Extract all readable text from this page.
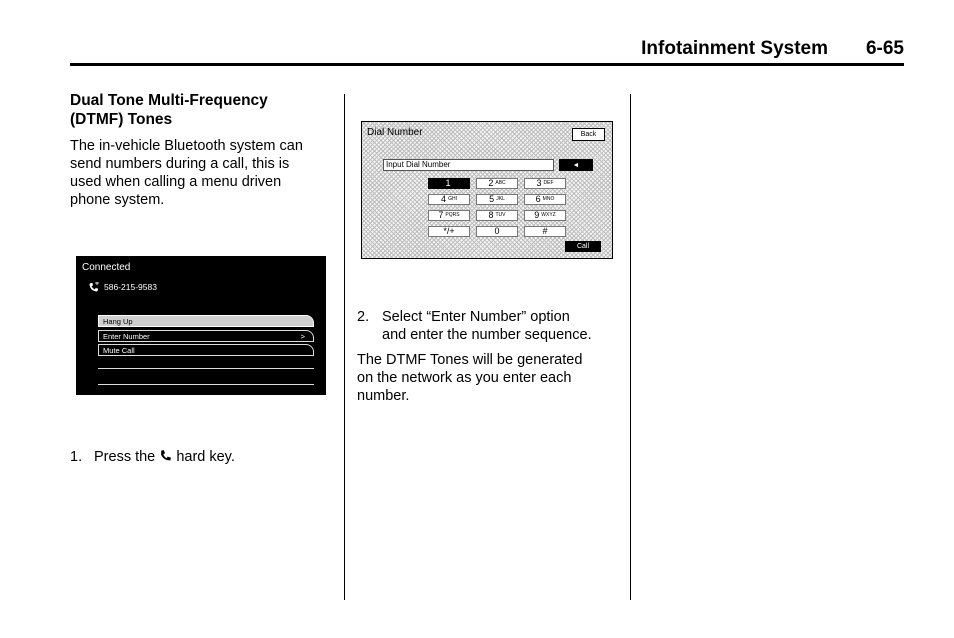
Infotainment System 6-65
Dual Tone Multi-Frequency
(DTMF) Tones
The in-vehicle Bluetooth system can
send numbers during a call, this is
used when calling a menu driven
phone system.
Connected
586-215-9583
Hang Up
Enter Number	>
Mute Call
1. Press the hard key.
Dial Number	Back
Input Dial Number	◄
1	2 ABC	3 DEF
4 GHI	5 JKL	6 MNO
7 PQRS	8 TUV	9 WXYZ
*/+	0	#
Call
2. Select “Enter Number” option
and enter the number sequence.
The DTMF Tones will be generated
on the network as you enter each
number.
